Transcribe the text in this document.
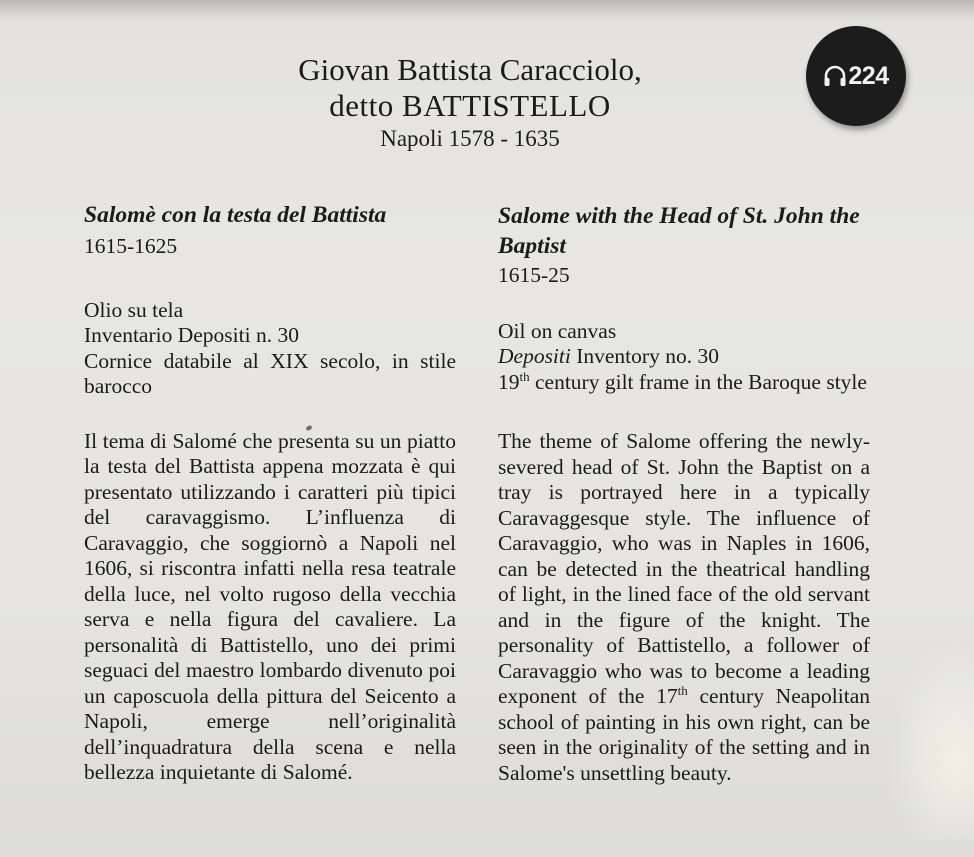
Giovan Battista Caracciolo,
detto BATTISTELLO
Napoli 1578 - 1635
224
Salomè con la testa del Battista
1615-1625
Olio su tela
Inventario Depositi n. 30
Cornice databile al XIX secolo, in stile barocco
Il tema di Salomé che presenta su un piatto la testa del Battista appena mozzata è qui presentato utilizzando i caratteri più tipici del caravaggismo. L’influenza di Caravaggio, che soggiornò a Napoli nel 1606, si riscontra infatti nella resa teatrale della luce, nel volto rugoso della vecchia serva e nella figura del cavaliere. La personalità di Battistello, uno dei primi seguaci del maestro lombardo divenuto poi un caposcuola della pittura del Seicento a Napoli, emerge nell’originalità dell’inquadratura della scena e nella bellezza inquietante di Salomé.
Salome with the Head of St. John the Baptist
1615-25
Oil on canvas
Depositi Inventory no. 30
19th century gilt frame in the Baroque style
The theme of Salome offering the newly-severed head of St. John the Baptist on a tray is portrayed here in a typically Caravaggesque style. The influence of Caravaggio, who was in Naples in 1606, can be detected in the theatrical handling of light, in the lined face of the old servant and in the figure of the knight. The personality of Battistello, a follower of Caravaggio who was to become a leading exponent of the 17th century Neapolitan school of painting in his own right, can be seen in the originality of the setting and in Salome's unsettling beauty.
